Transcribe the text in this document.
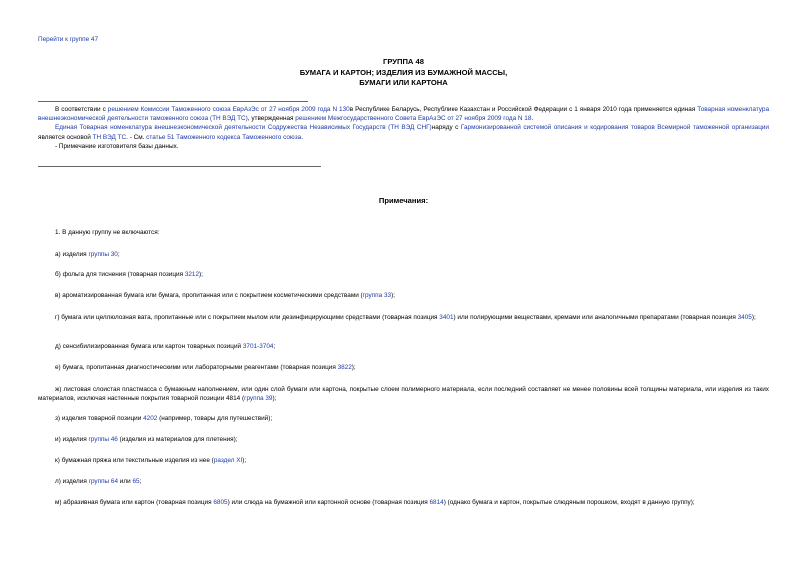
Перейти к группе 47
ГРУППА 48
БУМАГА И КАРТОН; ИЗДЕЛИЯ ИЗ БУМАЖНОЙ МАССЫ,
БУМАГИ ИЛИ КАРТОНА

В соответствии с решением Комиссии Таможенного союза ЕврАзЭс от 27 ноября 2009 года N 130в Республике Беларусь, Республике Казахстан и Российской Федерации с 1 января 2010 года применяется единая Товарная номенклатура внешнеэкономической деятельности таможенного союза (ТН ВЭД ТС), утвержденная решением Межгосударственного Совета ЕврАзЭС от 27 ноября 2009 года N 18.

Единая Товарная номенклатура внешнеэкономической деятельности Содружества Независимых Государств (ТН ВЭД СНГ)наряду с Гармонизированной системой описания и кодирования товаров Всемирной таможенной организации является основой ТН ВЭД ТС. - См. статье 51 Таможенного кодекса Таможенного союза.

- Примечание изготовителя базы данных.

Примечания:

1. В данную группу не включаются:

а) изделия группы 30;

б) фольга для тиснения (товарная позиция 3212);

в) ароматизированная бумага или бумага, пропитанная или с покрытием косметическими средствами (группа 33);

г) бумага или целлюлозная вата, пропитанные или с покрытием мылом или дезинфицирующими средствами (товарная позиция 3401) или полирующими веществами, кремами или аналогичными препаратами (товарная позиция 3405);

д) сенсибилизированная бумага или картон товарных позиций 3701-3704;

е) бумага, пропитанная диагностическими или лабораторными реагентами (товарная позиция 3822);

ж) листовая слоистая пластмасса с бумажным наполнением, или один слой бумаги или картона, покрытые слоем полимерного материала, если последний составляет не менее половины всей толщины материала, или изделия из таких материалов, исключая настенные покрытия товарной позиции 4814 (группа 39);

з) изделия товарной позиции 4202 (например, товары для путешествий);

и) изделия группы 46 (изделия из материалов для плетения);

к) бумажная пряжа или текстильные изделия из нее (раздел XI);

л) изделия группы 64 или 65;

м) абразивная бумага или картон (товарная позиция 6805) или слюда на бумажной или картонной основе (товарная позиция 6814) (однако бумага и картон, покрытые слюдяным порошком, входят в данную группу);
